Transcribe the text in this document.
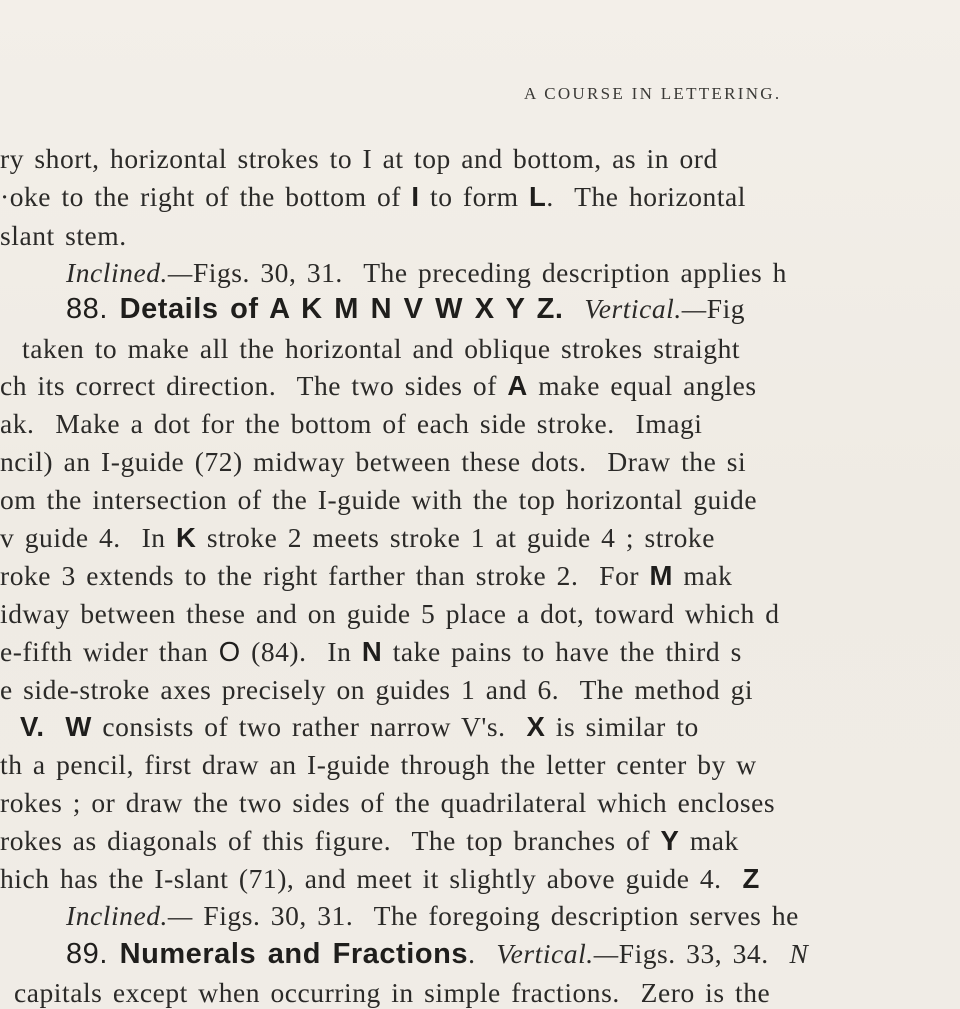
A COURSE IN LETTERING.
ry short, horizontal strokes to I at top and bottom, as in ord
·oke to the right of the bottom of I to form L.  The horizontal
slant stem.
Inclined.—Figs. 30, 31.  The preceding description applies h
88. Details of A K M N V W X Y Z. Vertical.—Fig
taken to make all the horizontal and oblique strokes straight
ch its correct direction.  The two sides of A make equal angles
ak.  Make a dot for the bottom of each side stroke.  Imagi
ncil) an I-guide (72) midway between these dots.  Draw the si
om the intersection of the I-guide with the top horizontal guide
v guide 4.  In K stroke 2 meets stroke 1 at guide 4 ; stroke
roke 3 extends to the right farther than stroke 2.  For M mak
idway between these and on guide 5 place a dot, toward which d
e-fifth wider than O (84).  In N take pains to have the third s
e side-stroke axes precisely on guides 1 and 6.  The method gi
V. W consists of two rather narrow V's.  X is similar to
th a pencil, first draw an I-guide through the letter center by w
rokes ; or draw the two sides of the quadrilateral which encloses
rokes as diagonals of this figure.  The top branches of Y mak
hich has the I-slant (71), and meet it slightly above guide 4.  Z
Inclined.— Figs. 30, 31.  The foregoing description serves he
89. Numerals and Fractions.  Vertical.—Figs. 33, 34.  N
capitals except when occurring in simple fractions.  Zero is the
